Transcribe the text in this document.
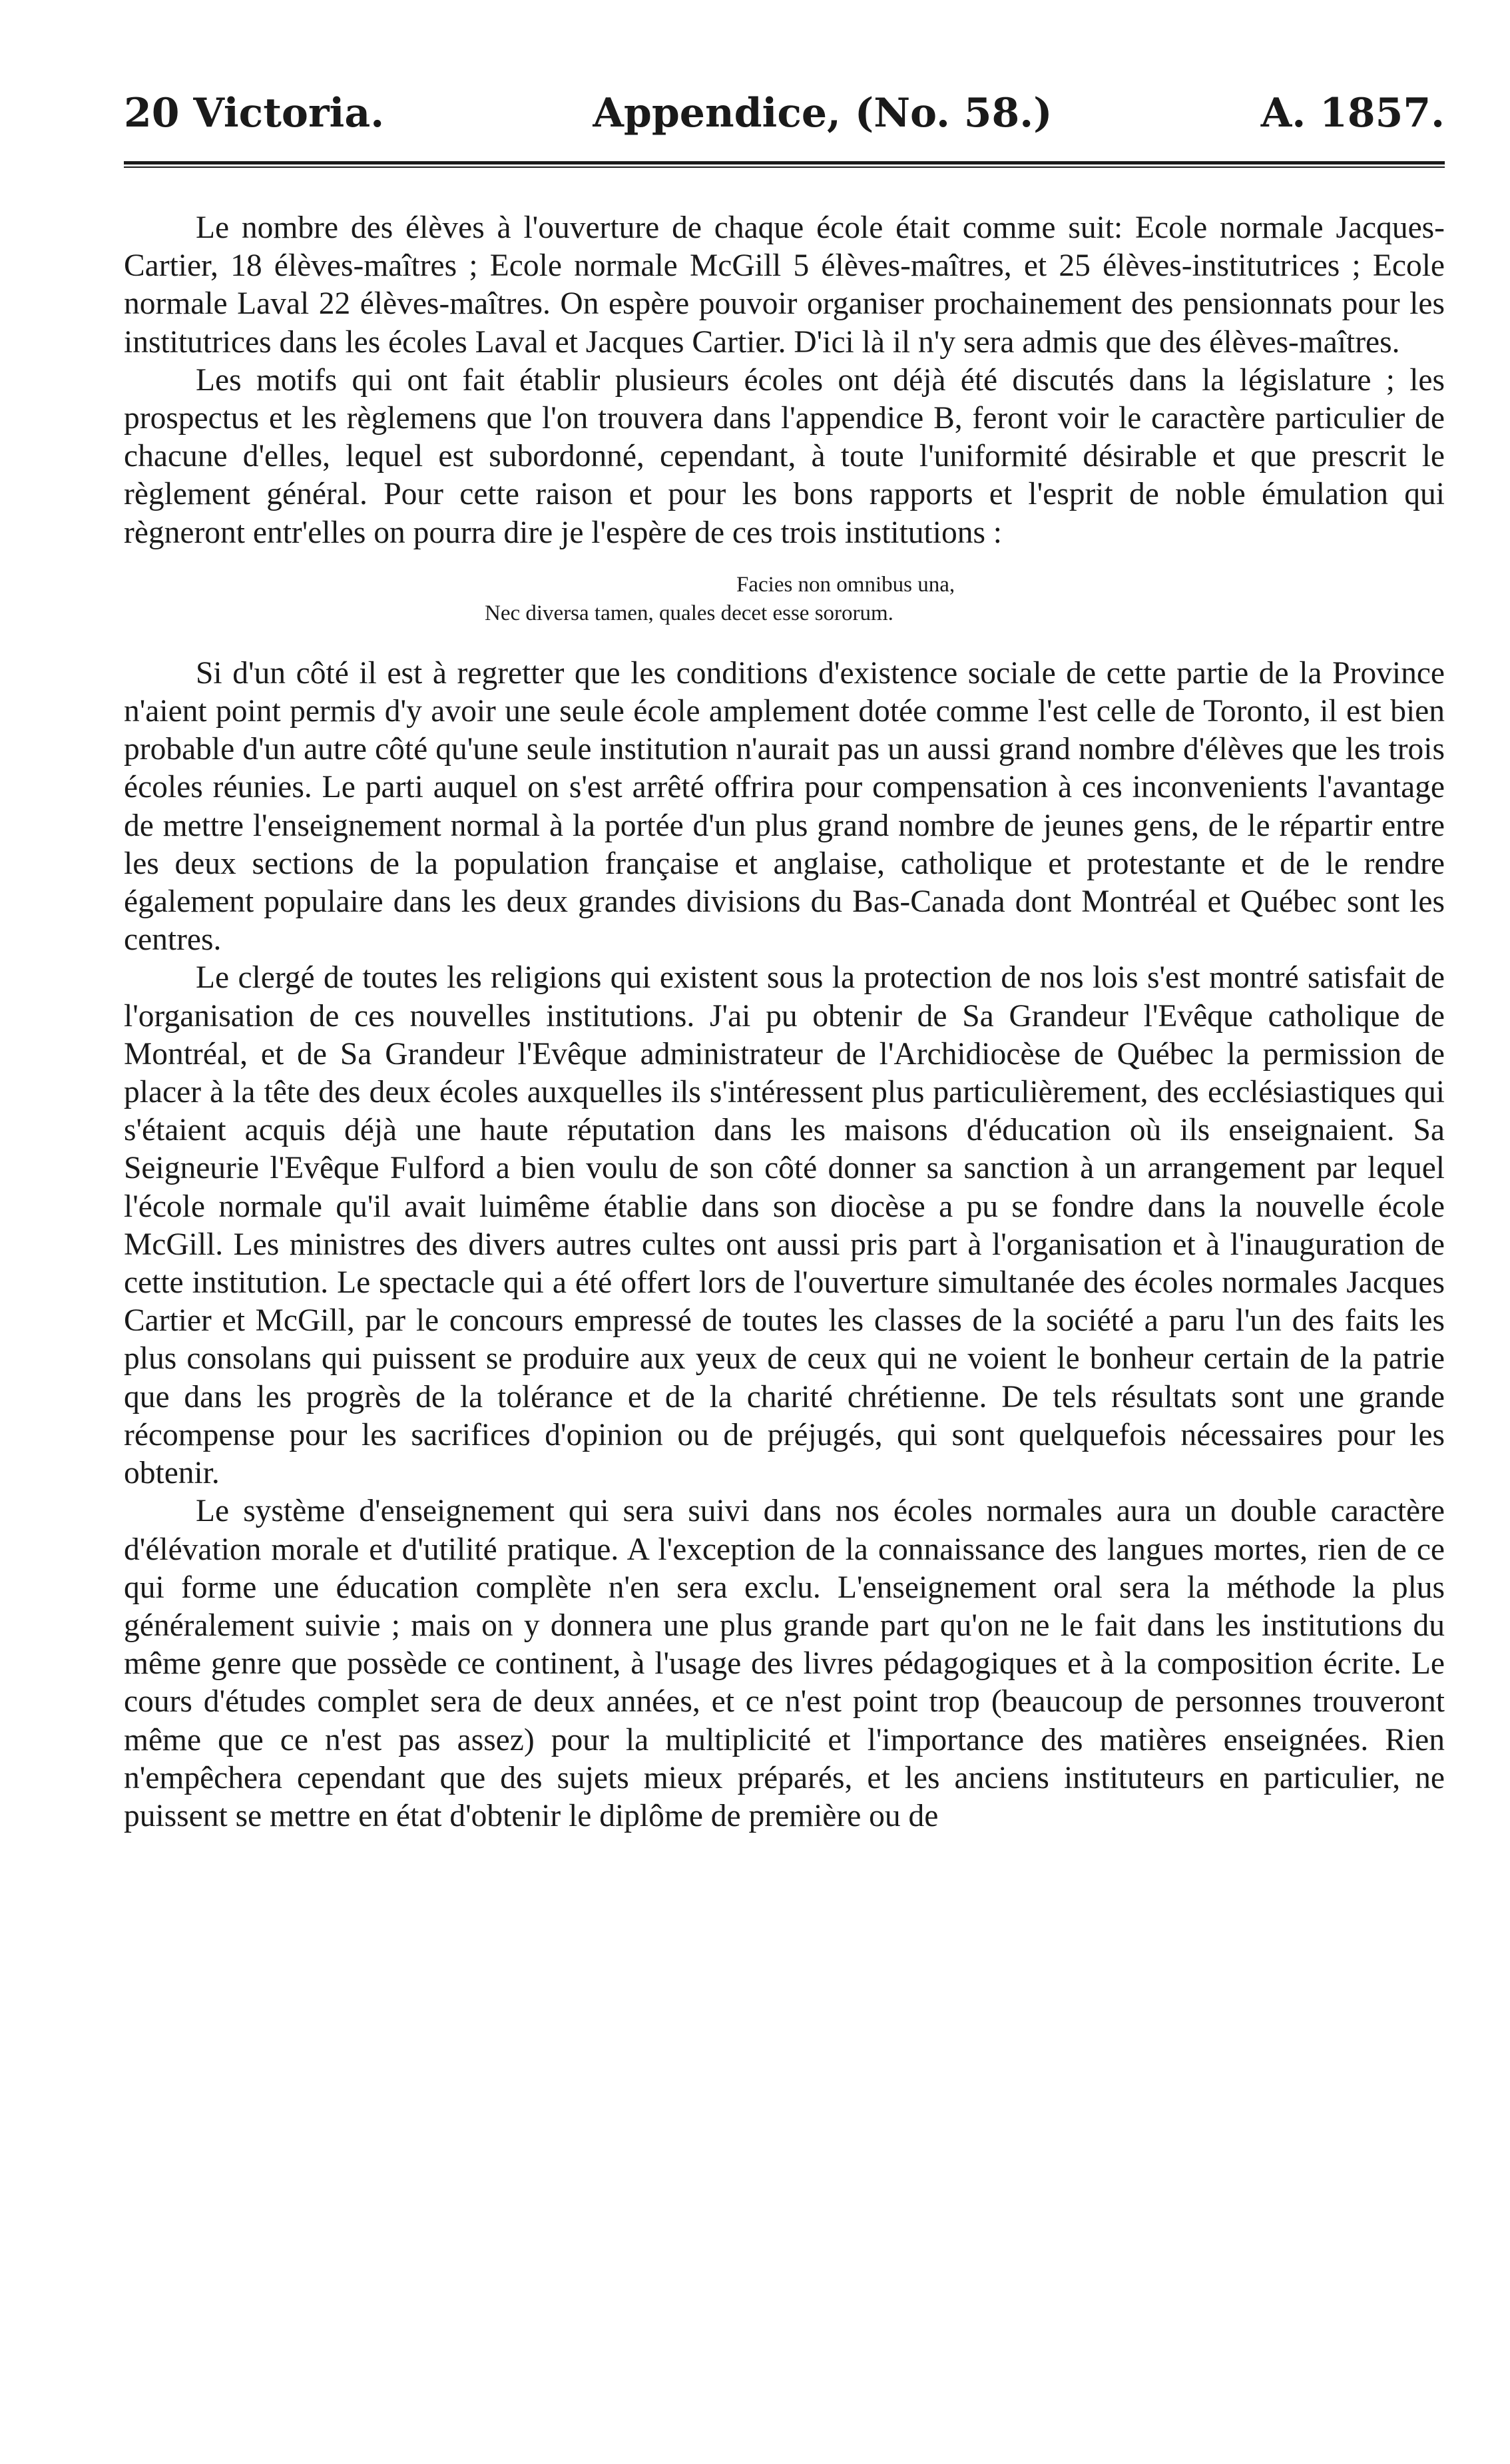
20 Victoria.	Appendice, (No. 58.)	A. 1857.

Le nombre des élèves à l'ouverture de chaque école était comme suit: Ecole normale Jacques-Cartier, 18 élèves-maîtres ; Ecole normale McGill 5 élèves-maîtres, et 25 élèves-institutrices ; Ecole normale Laval 22 élèves-maîtres. On espère pouvoir organiser prochainement des pensionnats pour les institutrices dans les écoles Laval et Jacques Cartier. D'ici là il n'y sera admis que des élèves-maîtres.

Les motifs qui ont fait établir plusieurs écoles ont déjà été discutés dans la législature ; les prospectus et les règlemens que l'on trouvera dans l'appendice B, feront voir le caractère particulier de chacune d'elles, lequel est subordonné, cependant, à toute l'uniformité désirable et que prescrit le règlement général. Pour cette raison et pour les bons rapports et l'esprit de noble émulation qui règneront entr'elles on pourra dire je l'espère de ces trois institutions :

Facies non omnibus una,
Nec diversa tamen, quales decet esse sororum.

Si d'un côté il est à regretter que les conditions d'existence sociale de cette partie de la Province n'aient point permis d'y avoir une seule école amplement dotée comme l'est celle de Toronto, il est bien probable d'un autre côté qu'une seule institution n'aurait pas un aussi grand nombre d'élèves que les trois écoles réunies. Le parti auquel on s'est arrêté offrira pour compensation à ces inconvenients l'avantage de mettre l'enseignement normal à la portée d'un plus grand nombre de jeunes gens, de le répartir entre les deux sections de la population française et anglaise, catholique et protestante et de le rendre également populaire dans les deux grandes divisions du Bas-Canada dont Montréal et Québec sont les centres.

Le clergé de toutes les religions qui existent sous la protection de nos lois s'est montré satisfait de l'organisation de ces nouvelles institutions. J'ai pu obtenir de Sa Grandeur l'Evêque catholique de Montréal, et de Sa Grandeur l'Evêque administrateur de l'Archidiocèse de Québec la permission de placer à la tête des deux écoles auxquelles ils s'intéressent plus particulièrement, des ecclésiastiques qui s'étaient acquis déjà une haute réputation dans les maisons d'éducation où ils enseignaient. Sa Seigneurie l'Evêque Fulford a bien voulu de son côté donner sa sanction à un arrangement par lequel l'école normale qu'il avait luimême établie dans son diocèse a pu se fondre dans la nouvelle école McGill. Les ministres des divers autres cultes ont aussi pris part à l'organisation et à l'inauguration de cette institution. Le spectacle qui a été offert lors de l'ouverture simultanée des écoles normales Jacques Cartier et McGill, par le concours empressé de toutes les classes de la société a paru l'un des faits les plus consolans qui puissent se produire aux yeux de ceux qui ne voient le bonheur certain de la patrie que dans les progrès de la tolérance et de la charité chrétienne. De tels résultats sont une grande récompense pour les sacrifices d'opinion ou de préjugés, qui sont quelquefois nécessaires pour les obtenir.

Le système d'enseignement qui sera suivi dans nos écoles normales aura un double caractère d'élévation morale et d'utilité pratique. A l'exception de la connaissance des langues mortes, rien de ce qui forme une éducation complète n'en sera exclu. L'enseignement oral sera la méthode la plus généralement suivie ; mais on y donnera une plus grande part qu'on ne le fait dans les institutions du même genre que possède ce continent, à l'usage des livres pédagogiques et à la composition écrite. Le cours d'études complet sera de deux années, et ce n'est point trop (beaucoup de personnes trouveront même que ce n'est pas assez) pour la multiplicité et l'importance des matières enseignées. Rien n'empêchera cependant que des sujets mieux préparés, et les anciens instituteurs en particulier, ne puissent se mettre en état d'obtenir le diplôme de première ou de
